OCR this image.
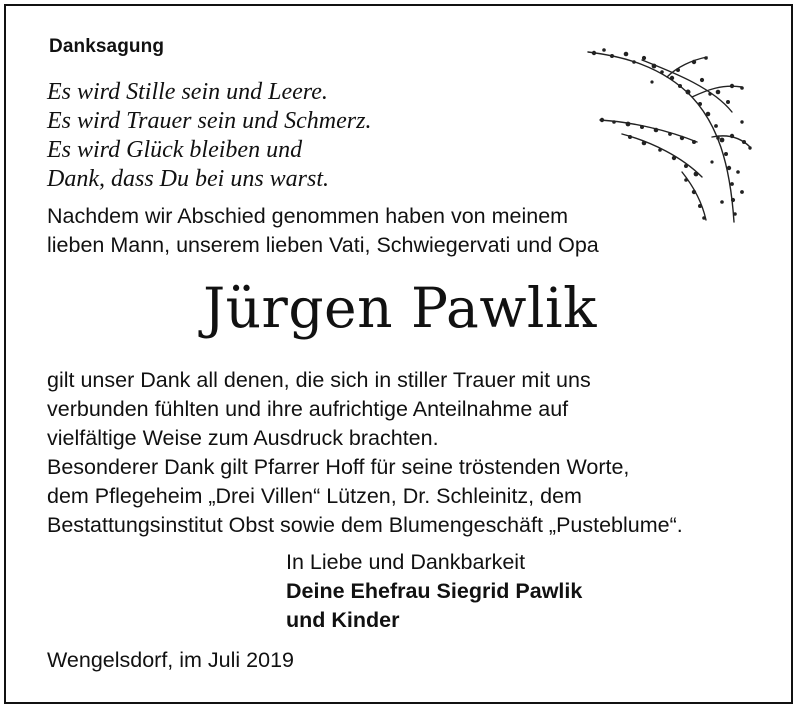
Danksagung
Es wird Stille sein und Leere.
Es wird Trauer sein und Schmerz.
Es wird Glück bleiben und
Dank, dass Du bei uns warst.
Nachdem wir Abschied genommen haben von meinem
lieben Mann, unserem lieben Vati, Schwiegervati und Opa
Jürgen Pawlik
gilt unser Dank all denen, die sich in stiller Trauer mit uns
verbunden fühlten und ihre aufrichtige Anteilnahme auf
vielfältige Weise zum Ausdruck brachten.
Besonderer Dank gilt Pfarrer Hoff für seine tröstenden Worte,
dem Pflegeheim „Drei Villen“ Lützen, Dr. Schleinitz, dem
Bestattungsinstitut Obst sowie dem Blumengeschäft „Pusteblume“.
In Liebe und Dankbarkeit
Deine Ehefrau Siegrid Pawlik
und Kinder
Wengelsdorf, im Juli 2019
